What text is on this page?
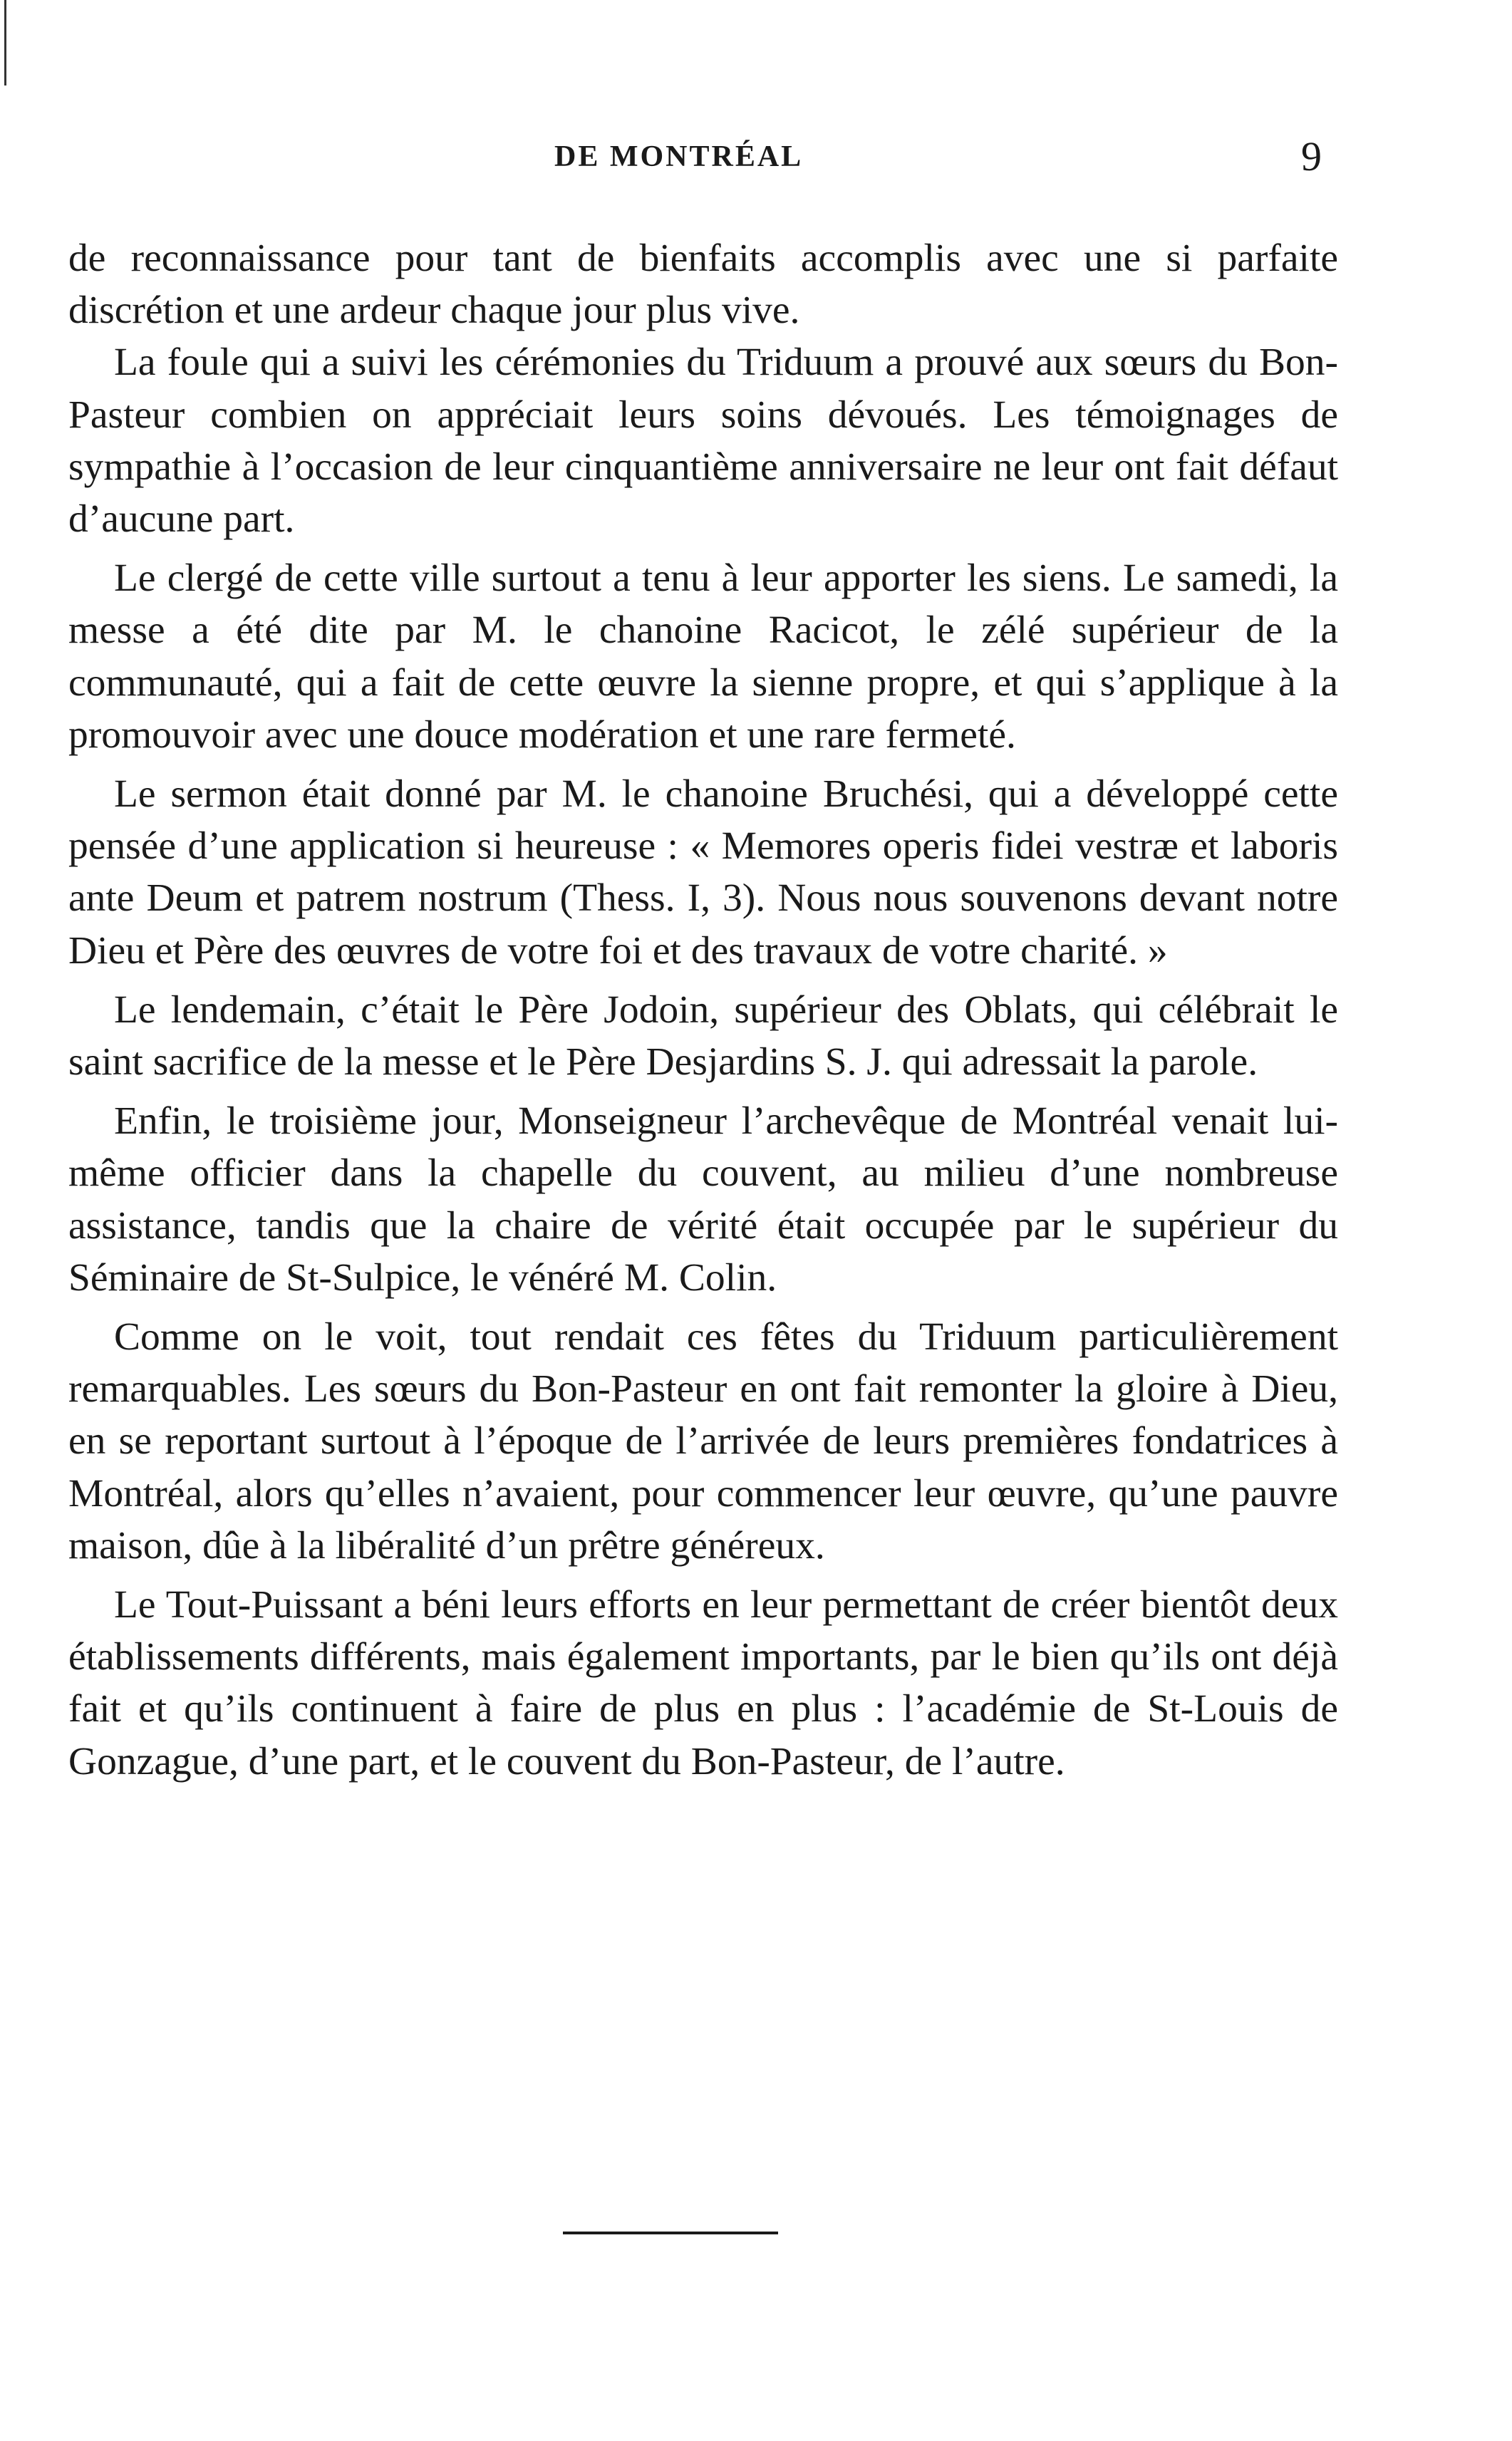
DE MONTRÉAL	9

de reconnaissance pour tant de bienfaits accomplis avec une si parfaite discrétion et une ardeur chaque jour plus vive.

La foule qui a suivi les cérémonies du Triduum a prouvé aux sœurs du Bon-Pasteur combien on appréciait leurs soins dévoués. Les témoignages de sympathie à l’occasion de leur cinquantième anniversaire ne leur ont fait défaut d’aucune part.

Le clergé de cette ville surtout a tenu à leur apporter les siens. Le samedi, la messe a été dite par M. le chanoine Racicot, le zélé supérieur de la communauté, qui a fait de cette œuvre la sienne propre, et qui s’applique à la promouvoir avec une douce modération et une rare fermeté.

Le sermon était donné par M. le chanoine Bruchési, qui a développé cette pensée d’une application si heureuse : « Memores operis fidei vestræ et laboris ante Deum et patrem nostrum (Thess. I, 3). Nous nous souvenons devant notre Dieu et Père des œuvres de votre foi et des travaux de votre charité. »

Le lendemain, c’était le Père Jodoin, supérieur des Oblats, qui célébrait le saint sacrifice de la messe et le Père Desjardins S. J. qui adressait la parole.

Enfin, le troisième jour, Monseigneur l’archevêque de Montréal venait lui-même officier dans la chapelle du couvent, au milieu d’une nombreuse assistance, tandis que la chaire de vérité était occupée par le supérieur du Séminaire de St-Sulpice, le vénéré M. Colin.

Comme on le voit, tout rendait ces fêtes du Triduum particulièrement remarquables. Les sœurs du Bon-Pasteur en ont fait remonter la gloire à Dieu, en se reportant surtout à l’époque de l’arrivée de leurs premières fondatrices à Montréal, alors qu’elles n’avaient, pour commencer leur œuvre, qu’une pauvre maison, dûe à la libéralité d’un prêtre généreux.

Le Tout-Puissant a béni leurs efforts en leur permettant de créer bientôt deux établissements différents, mais également importants, par le bien qu’ils ont déjà fait et qu’ils continuent à faire de plus en plus : l’académie de St-Louis de Gonzague, d’une part, et le couvent du Bon-Pasteur, de l’autre.
